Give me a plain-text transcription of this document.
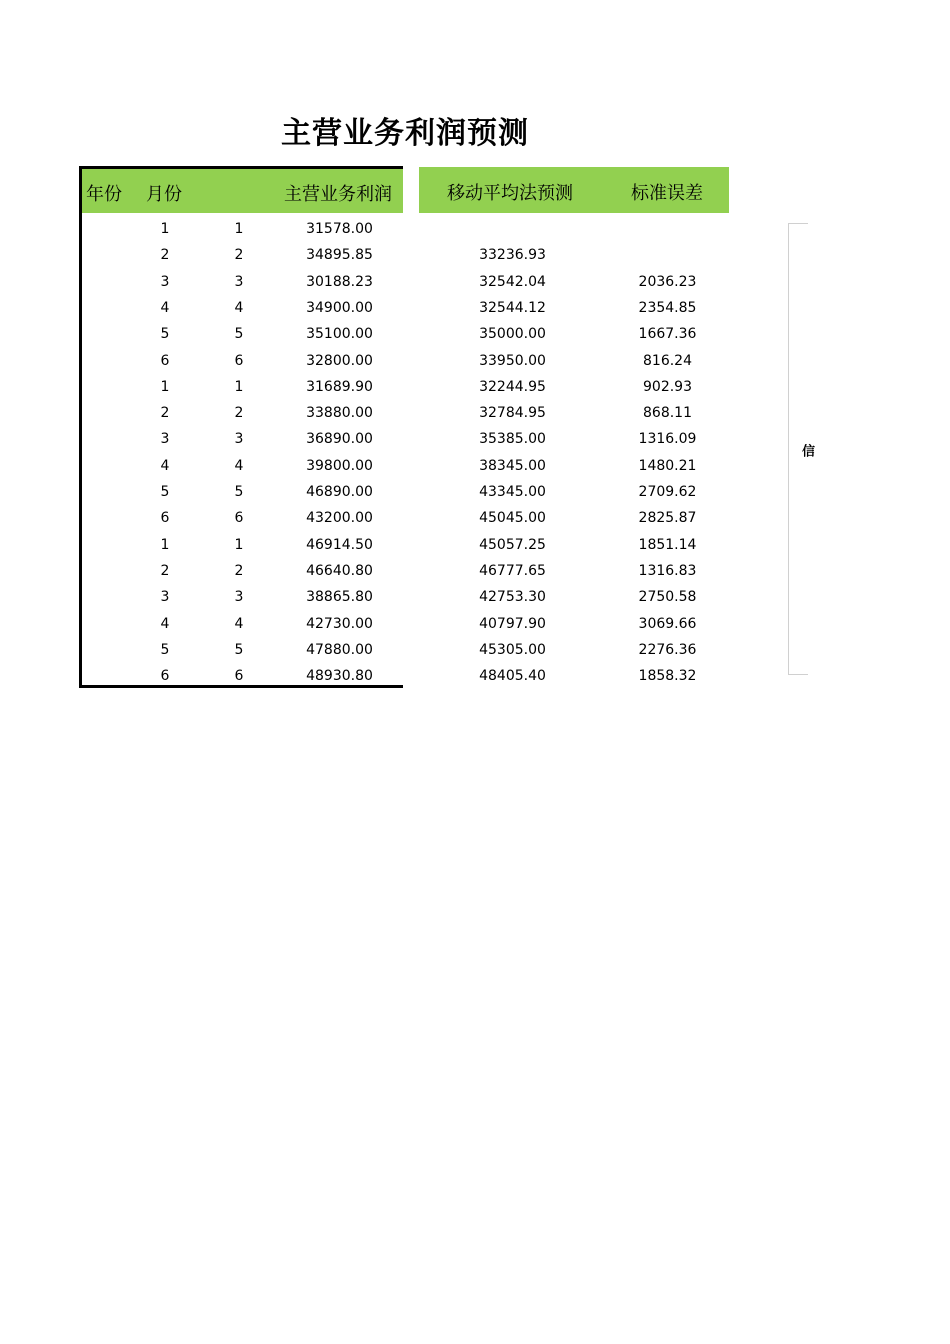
主营业务利润预测
年份 月份	主营业务利润	移动平均法预测	标准误差
1	1	31578.00
2	2	34895.85	33236.93
3	3	30188.23	32542.04	2036.23
4	4	34900.00	32544.12	2354.85
5	5	35100.00	35000.00	1667.36
6	6	32800.00	33950.00	816.24
1	1	31689.90	32244.95	902.93
2	2	33880.00	32784.95	868.11
3	3	36890.00	35385.00	1316.09
4	4	39800.00	38345.00	1480.21
5	5	46890.00	43345.00	2709.62
6	6	43200.00	45045.00	2825.87
1	1	46914.50	45057.25	1851.14
2	2	46640.80	46777.65	1316.83
3	3	38865.80	42753.30	2750.58
4	4	42730.00	40797.90	3069.66
5	5	47880.00	45305.00	2276.36
6	6	48930.80	48405.40	1858.32
信
